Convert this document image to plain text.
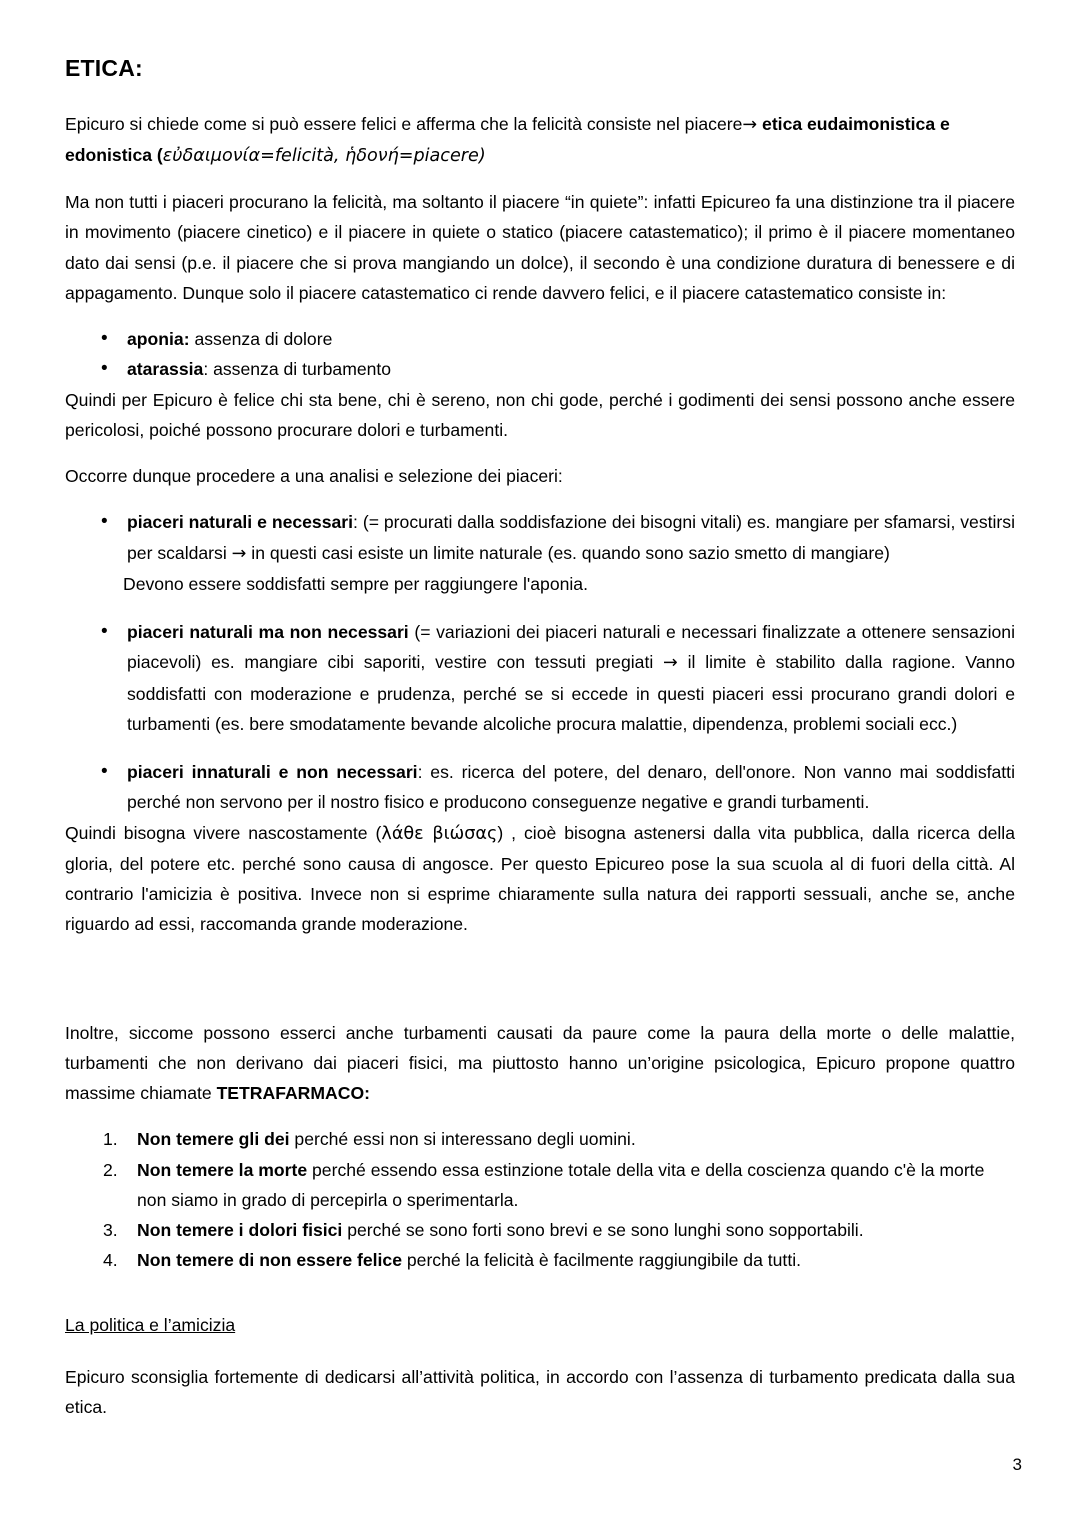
ETICA:

Epicuro si chiede come si può essere felici e afferma che la felicità consiste nel piacere→ etica eudaimonistica e edonistica (εὐδαιμονία=felicità, ἡδονή=piacere)

Ma non tutti i piaceri procurano la felicità, ma soltanto il piacere “in quiete”: infatti Epicureo fa una distinzione tra il piacere in movimento (piacere cinetico) e il piacere in quiete o statico (piacere catastematico); il primo è il piacere momentaneo dato dai sensi (p.e. il piacere che si prova mangiando un dolce), il secondo è una condizione duratura di benessere e di appagamento. Dunque solo il piacere catastematico ci rende davvero felici, e il piacere catastematico consiste in:

• aponia: assenza di dolore
• atarassia: assenza di turbamento

Quindi per Epicuro è felice chi sta bene, chi è sereno, non chi gode, perché i godimenti dei sensi possono anche essere pericolosi, poiché possono procurare dolori e turbamenti.

Occorre dunque procedere a una analisi e selezione dei piaceri:

• piaceri naturali e necessari: (= procurati dalla soddisfazione dei bisogni vitali) es. mangiare per sfamarsi, vestirsi per scaldarsi → in questi casi esiste un limite naturale (es. quando sono sazio smetto di mangiare)
Devono essere soddisfatti sempre per raggiungere l'aponia.
• piaceri naturali ma non necessari (= variazioni dei piaceri naturali e necessari finalizzate a ottenere sensazioni piacevoli) es. mangiare cibi saporiti, vestire con tessuti pregiati → il limite è stabilito dalla ragione. Vanno soddisfatti con moderazione e prudenza, perché se si eccede in questi piaceri essi procurano grandi dolori e turbamenti (es. bere smodatamente bevande alcoliche procura malattie, dipendenza, problemi sociali ecc.)
• piaceri innaturali e non necessari: es. ricerca del potere, del denaro, dell'onore. Non vanno mai soddisfatti perché non servono per il nostro fisico e producono conseguenze negative e grandi turbamenti.

Quindi bisogna vivere nascostamente (λάθε βιώσας) , cioè bisogna astenersi dalla vita pubblica, dalla ricerca della gloria, del potere etc. perché sono causa di angosce. Per questo Epicureo pose la sua scuola al di fuori della città. Al contrario l'amicizia è positiva. Invece non si esprime chiaramente sulla natura dei rapporti sessuali, anche se, anche riguardo ad essi, raccomanda grande moderazione.

Inoltre, siccome possono esserci anche turbamenti causati da paure come la paura della morte o delle malattie, turbamenti che non derivano dai piaceri fisici, ma piuttosto hanno un’origine psicologica, Epicuro propone quattro massime chiamate TETRAFARMACO:

Non temere gli dei perché essi non si interessano degli uomini.
Non temere la morte perché essendo essa estinzione totale della vita e della coscienza quando c'è la morte non siamo in grado di percepirla o sperimentarla.
Non temere i dolori fisici perché se sono forti sono brevi e se sono lunghi sono sopportabili.
Non temere di non essere felice perché la felicità è facilmente raggiungibile da tutti.
La politica e l’amicizia

Epicuro sconsiglia fortemente di dedicarsi all’attività politica, in accordo con l’assenza di turbamento predicata dalla sua etica.

3
